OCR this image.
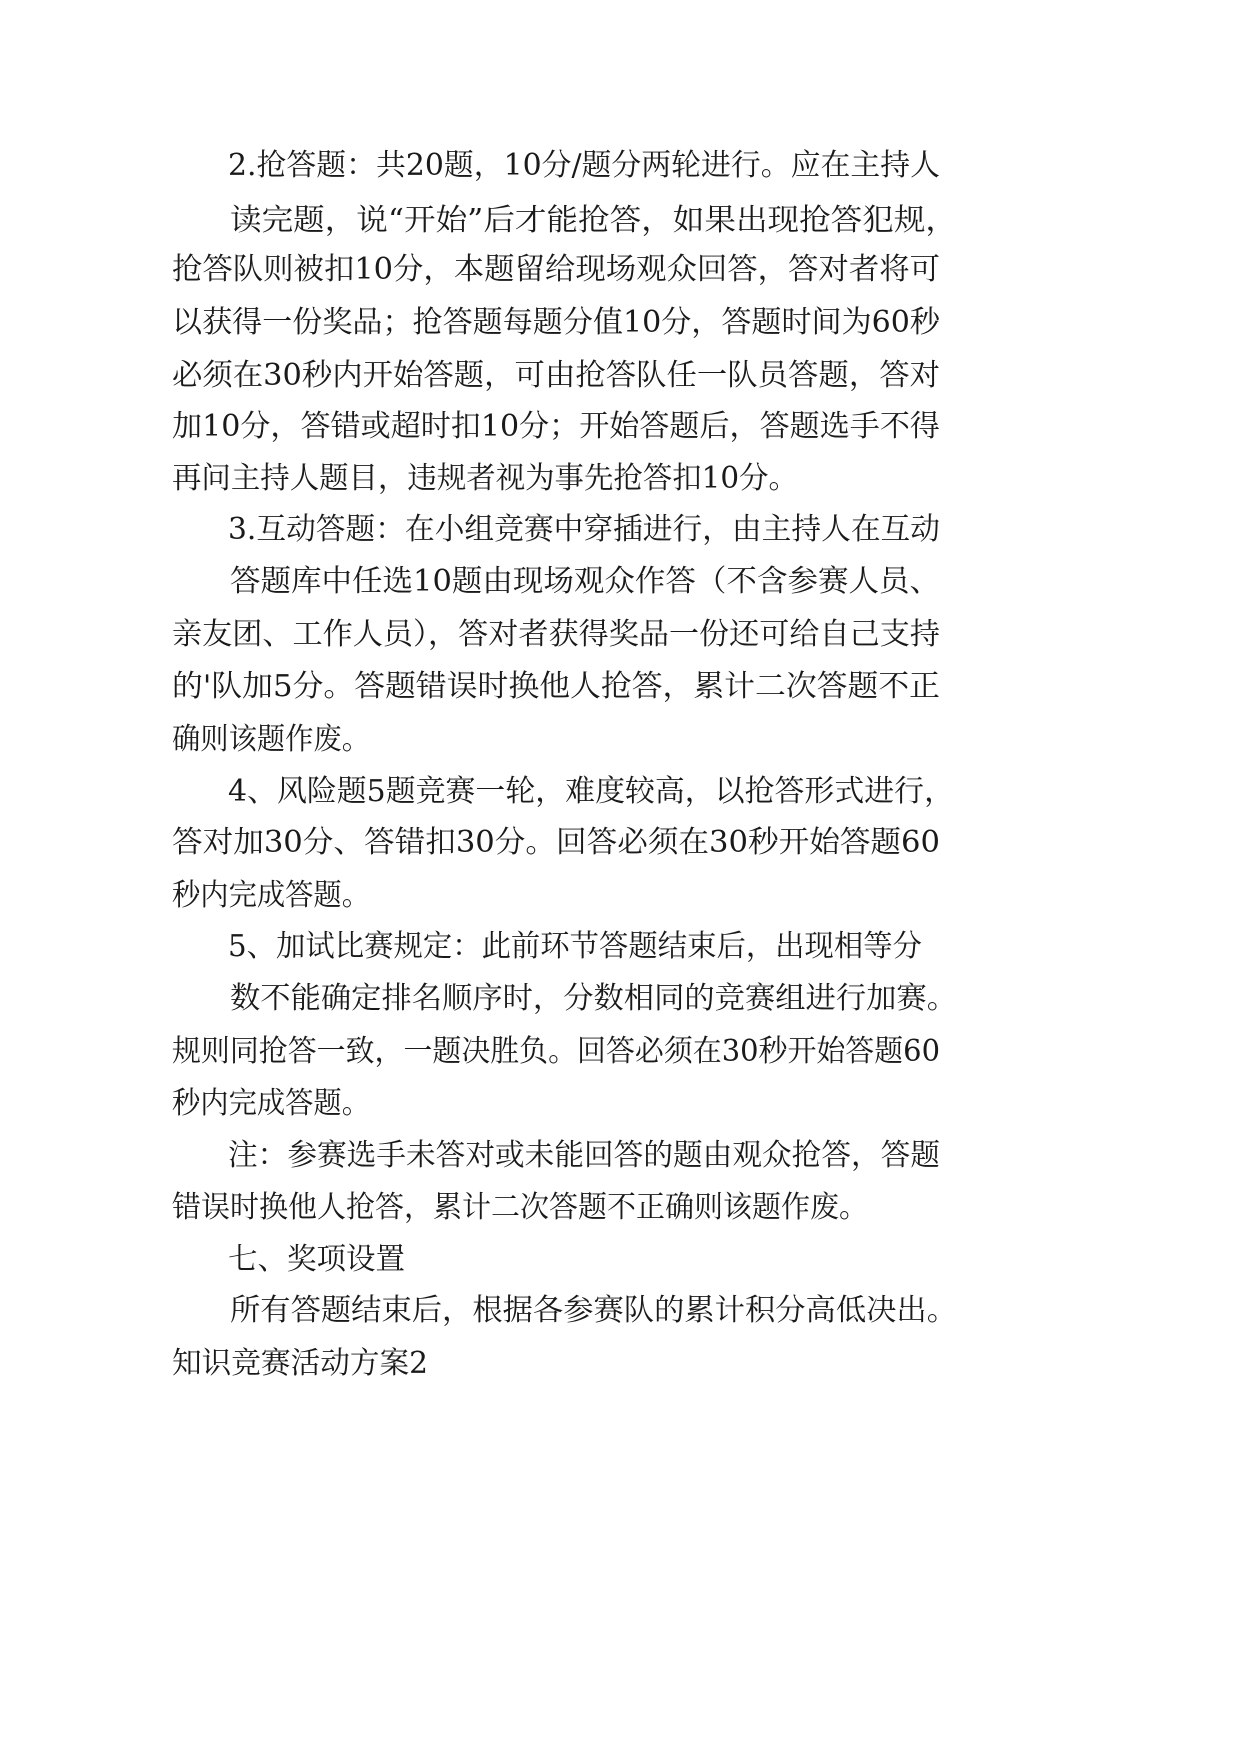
2.抢答题：共20题，10分/题分两轮进行。应在主持人
读完题，说“开始”后才能抢答，如果出现抢答犯规，
抢答队则被扣10分，本题留给现场观众回答，答对者将可
以获得一份奖品；抢答题每题分值10分，答题时间为60秒
必须在30秒内开始答题，可由抢答队任一队员答题，答对
加10分，答错或超时扣10分；开始答题后，答题选手不得
再问主持人题目，违规者视为事先抢答扣10分。
3.互动答题：在小组竞赛中穿插进行，由主持人在互动
答题库中任选10题由现场观众作答（不含参赛人员、
亲友团、工作人员），答对者获得奖品一份还可给自己支持
的'队加5分。答题错误时换他人抢答，累计二次答题不正
确则该题作废。
4、风险题5题竞赛一轮，难度较高，以抢答形式进行，
答对加30分、答错扣30分。回答必须在30秒开始答题60
秒内完成答题。
5、加试比赛规定：此前环节答题结束后，出现相等分
数不能确定排名顺序时，分数相同的竞赛组进行加赛。
规则同抢答一致，一题决胜负。回答必须在30秒开始答题60
秒内完成答题。
注：参赛选手未答对或未能回答的题由观众抢答，答题
错误时换他人抢答，累计二次答题不正确则该题作废。
七、奖项设置
所有答题结束后，根据各参赛队的累计积分高低决出。
知识竞赛活动方案2
